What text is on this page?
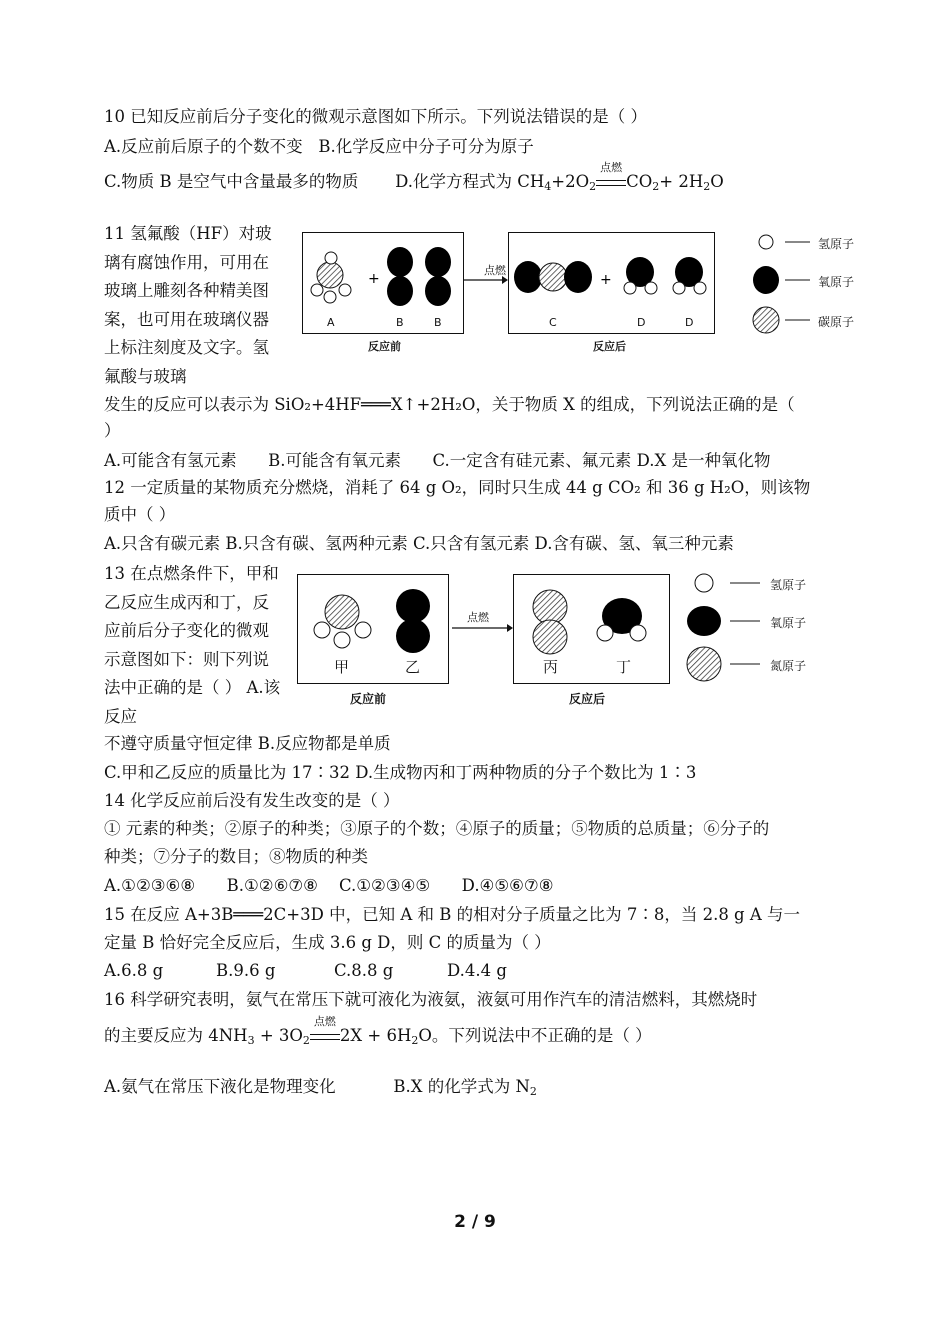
10 已知反应前后分子变化的微观示意图如下所示。下列说法错误的是（ ）
A.反应前后原子的个数不变 B.化学反应中分子可分为原子
C.物质 B 是空气中含量最多的物质 D.化学方程式为 $CH_4+2O_2$
点燃
$CO_2+ 2H_2O$
11 氢氟酸（HF）对玻璃有腐蚀作用，可用在玻璃上雕刻各种精美图案，也可用在玻璃仪器上标注刻度及文字。氢氟酸与玻璃
+	+
点燃
A	B	B	C	D	D
反应前	反应后
氢原子
氧原子
碳原子
发生的反应可以表示为 SiO₂+4HF═══X↑+2H₂O，关于物质 X 的组成，下列说法正确的是（
）
A.可能含有氢元素 B.可能含有氧元素 C.一定含有硅元素、氟元素 D.X 是一种氧化物
12 一定质量的某物质充分燃烧，消耗了 64 g O₂，同时只生成 44 g CO₂ 和 36 g H₂O，则该物
质中（ ）
A.只含有碳元素 B.只含有碳、氢两种元素 C.只含有氢元素 D.含有碳、氢、氧三种元素
13 在点燃条件下，甲和乙反应生成丙和丁，反应前后分子变化的微观示意图如下：则下列说法中正确的是（ ） A.该反应
点燃
甲	乙	丙	丁
反应前	反应后
氢原子
氧原子
氮原子
不遵守质量守恒定律 B.反应物都是单质
C.甲和乙反应的质量比为 17∶32 D.生成物丙和丁两种物质的分子个数比为 1∶3
14 化学反应前后没有发生改变的是（ ）
① 元素的种类；②原子的种类；③原子的个数；④原子的质量；⑤物质的总质量；⑥分子的
种类；⑦分子的数目；⑧物质的种类
A.①②③⑥⑧ B.①②⑥⑦⑧ C.①②③④⑤ D.④⑤⑥⑦⑧
15 在反应 A+3B═══2C+3D 中，已知 A 和 B 的相对分子质量之比为 7∶8，当 2.8 g A 与一
定量 B 恰好完全反应后，生成 3.6 g D，则 C 的质量为（ ）
A.6.8 g	B.9.6 g	C.8.8 g	D.4.4 g
16 科学研究表明，氨气在常压下就可液化为液氨，液氨可用作汽车的清洁燃料，其燃烧时
的主要反应为 $4NH_3 + 3O_2$
点燃
$2X + 6H_2O$。下列说法中不正确的是（ ）
A.氨气在常压下液化是物理变化	B.X 的化学式为 $N_2$
2 / 9
